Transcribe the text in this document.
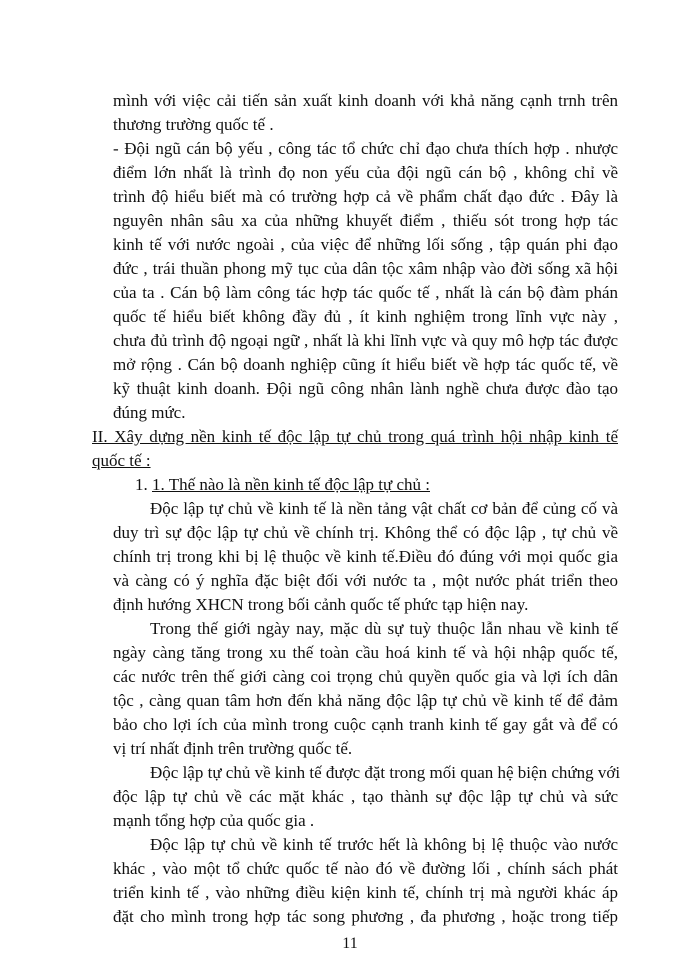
mình với việc cải tiến sản xuất kinh doanh với khả năng cạnh trnh trên
thương trường quốc tế .
- Đội ngũ cán bộ yếu , công tác tổ chức chỉ đạo chưa thích hợp . nhược
điểm lớn nhất là trình đọ non yếu của đội ngũ cán bộ , không chỉ về
trình độ hiểu biết mà có trường hợp cả về phẩm chất đạo đức . Đây là
nguyên nhân sâu xa của những khuyết điểm , thiếu sót trong hợp tác
kinh tế với nước ngoài , của việc để những lối sống , tập quán phi đạo
đức , trái thuần phong mỹ tục của dân tộc xâm nhập vào đời sống xã hội
của ta . Cán bộ làm công tác hợp tác quốc tế , nhất là cán bộ đàm phán
quốc tế hiểu biết không đầy đủ , ít kinh nghiệm trong lĩnh vực này ,
chưa đủ trình độ ngoại ngữ , nhất là khi lĩnh vực và quy mô hợp tác được
mở rộng . Cán bộ doanh nghiệp cũng ít hiểu biết về hợp tác quốc tế, về
kỹ thuật kinh doanh. Đội ngũ công nhân lành nghề chưa được đào tạo
đúng mức.
II. Xây dựng nền kinh tế độc lập tự chủ trong quá trình hội nhập kinh tế
quốc tế :
1. 1. Thế nào là nền kinh tế độc lập tự chủ :
Độc lập tự chủ về kinh tế là nền tảng vật chất cơ bản để củng cố và
duy trì sự độc lập tự chủ về chính trị. Không thể có độc lập , tự chủ về
chính trị trong khi bị lệ thuộc về kinh tế.Điều đó đúng với mọi quốc gia
và càng có ý nghĩa đặc biệt đối với nước ta , một nước phát triển theo
định hướng XHCN trong bối cảnh quốc tế phức tạp hiện nay.
Trong thế giới ngày nay, mặc dù sự tuỳ thuộc lẫn nhau về kinh tế
ngày càng tăng trong xu thế toàn cầu hoá kinh tế và hội nhập quốc tế,
các nước trên thế giới càng coi trọng chủ quyền quốc gia và lợi ích dân
tộc , càng quan tâm hơn đến khả năng độc lập tự chủ về kinh tế để đảm
bảo cho lợi ích của mình trong cuộc cạnh tranh kinh tế gay gắt và để có
vị trí nhất định trên trường quốc tế.
Độc lập tự chủ về kinh tế được đặt trong mối quan hệ biện chứng với
độc lập tự chủ về các mặt khác , tạo thành sự độc lập tự chủ và sức
mạnh tổng hợp của quốc gia .
Độc lập tự chủ về kinh tế trước hết là không bị lệ thuộc vào nước
khác , vào một tổ chức quốc tế nào đó về đường lối , chính sách phát
triển kinh tế , vào những điều kiện kinh tế, chính trị mà người khác áp
đặt cho mình trong hợp tác song phương , đa phương , hoặc trong tiếp
11
